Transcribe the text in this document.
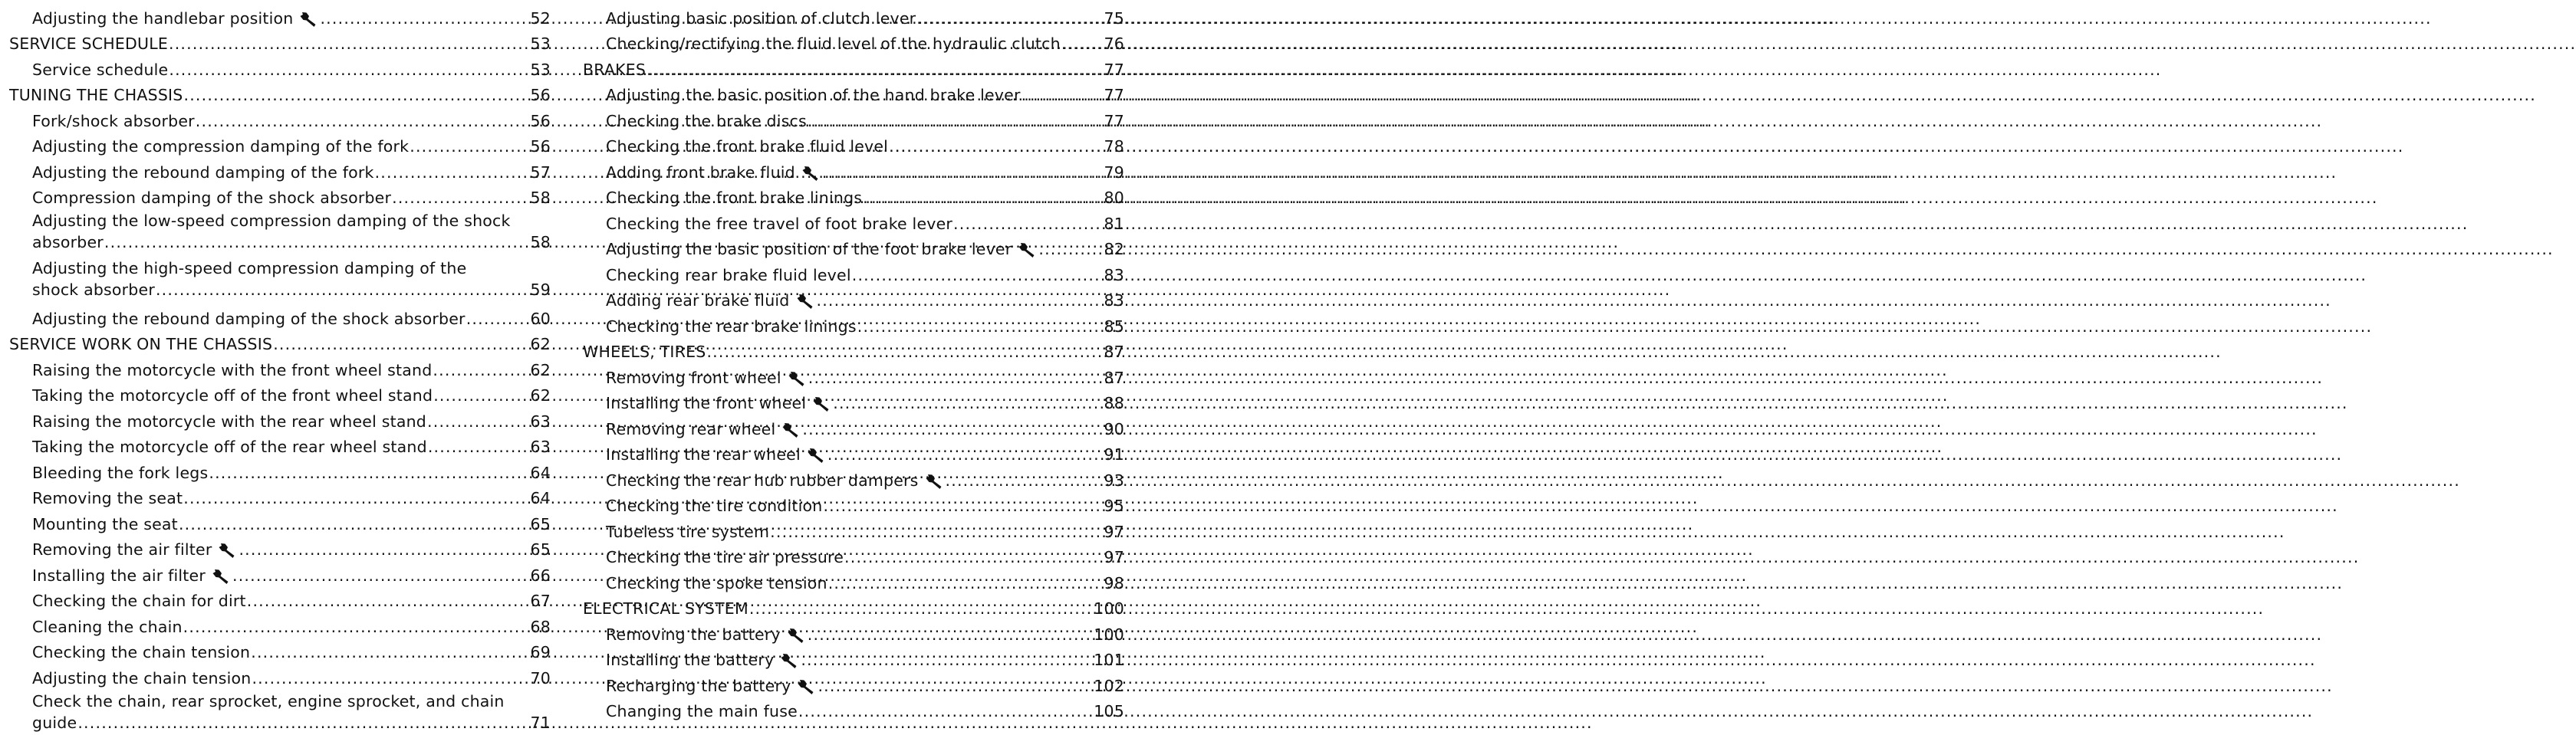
Adjusting the handlebar position .....	52
SERVICE SCHEDULE .....	53
Service schedule .....	53
TUNING THE CHASSIS .....	56
Fork/shock absorber .....	56
Adjusting the compression damping of the fork .....	56
Adjusting the rebound damping of the fork .....	57
Compression damping of the shock absorber .....	58
Adjusting the low-speed compression damping of the shock
absorber .....	58
Adjusting the high-speed compression damping of the
shock absorber .....	59
Adjusting the rebound damping of the shock absorber .....	60
SERVICE WORK ON THE CHASSIS .....	62
Raising the motorcycle with the front wheel stand .....	62
Taking the motorcycle off of the front wheel stand .....	62
Raising the motorcycle with the rear wheel stand .....	63
Taking the motorcycle off of the rear wheel stand .....	63
Bleeding the fork legs .....	64
Removing the seat .....	64
Mounting the seat .....	65
Removing the air filter .....	65
Installing the air filter .....	66
Checking the chain for dirt .....	67
Cleaning the chain .....	68
Checking the chain tension .....	69
Adjusting the chain tension .....	70
Check the chain, rear sprocket, engine sprocket, and chain
guide .....	71
Adjusting basic position of clutch lever .....	75
Checking/rectifying the fluid level of the hydraulic clutch .....	76
BRAKES .....	77
Adjusting the basic position of the hand brake lever .....	77
Checking the brake discs .....	77
Checking the front brake fluid level .....	78
Adding front brake fluid .....	79
Checking the front brake linings .....	80
Checking the free travel of foot brake lever .....	81
Adjusting the basic position of the foot brake lever .....	82
Checking rear brake fluid level .....	83
Adding rear brake fluid .....	83
Checking the rear brake linings .....	85
WHEELS, TIRES .....	87
Removing front wheel .....	87
Installing the front wheel .....	88
Removing rear wheel .....	90
Installing the rear wheel .....	91
Checking the rear hub rubber dampers .....	93
Checking the tire condition .....	95
Tubeless tire system .....	97
Checking the tire air pressure .....	97
Checking the spoke tension .....	98
ELECTRICAL SYSTEM .....	100
Removing the battery .....	100
Installing the battery .....	101
Recharging the battery .....	102
Changing the main fuse .....	105
